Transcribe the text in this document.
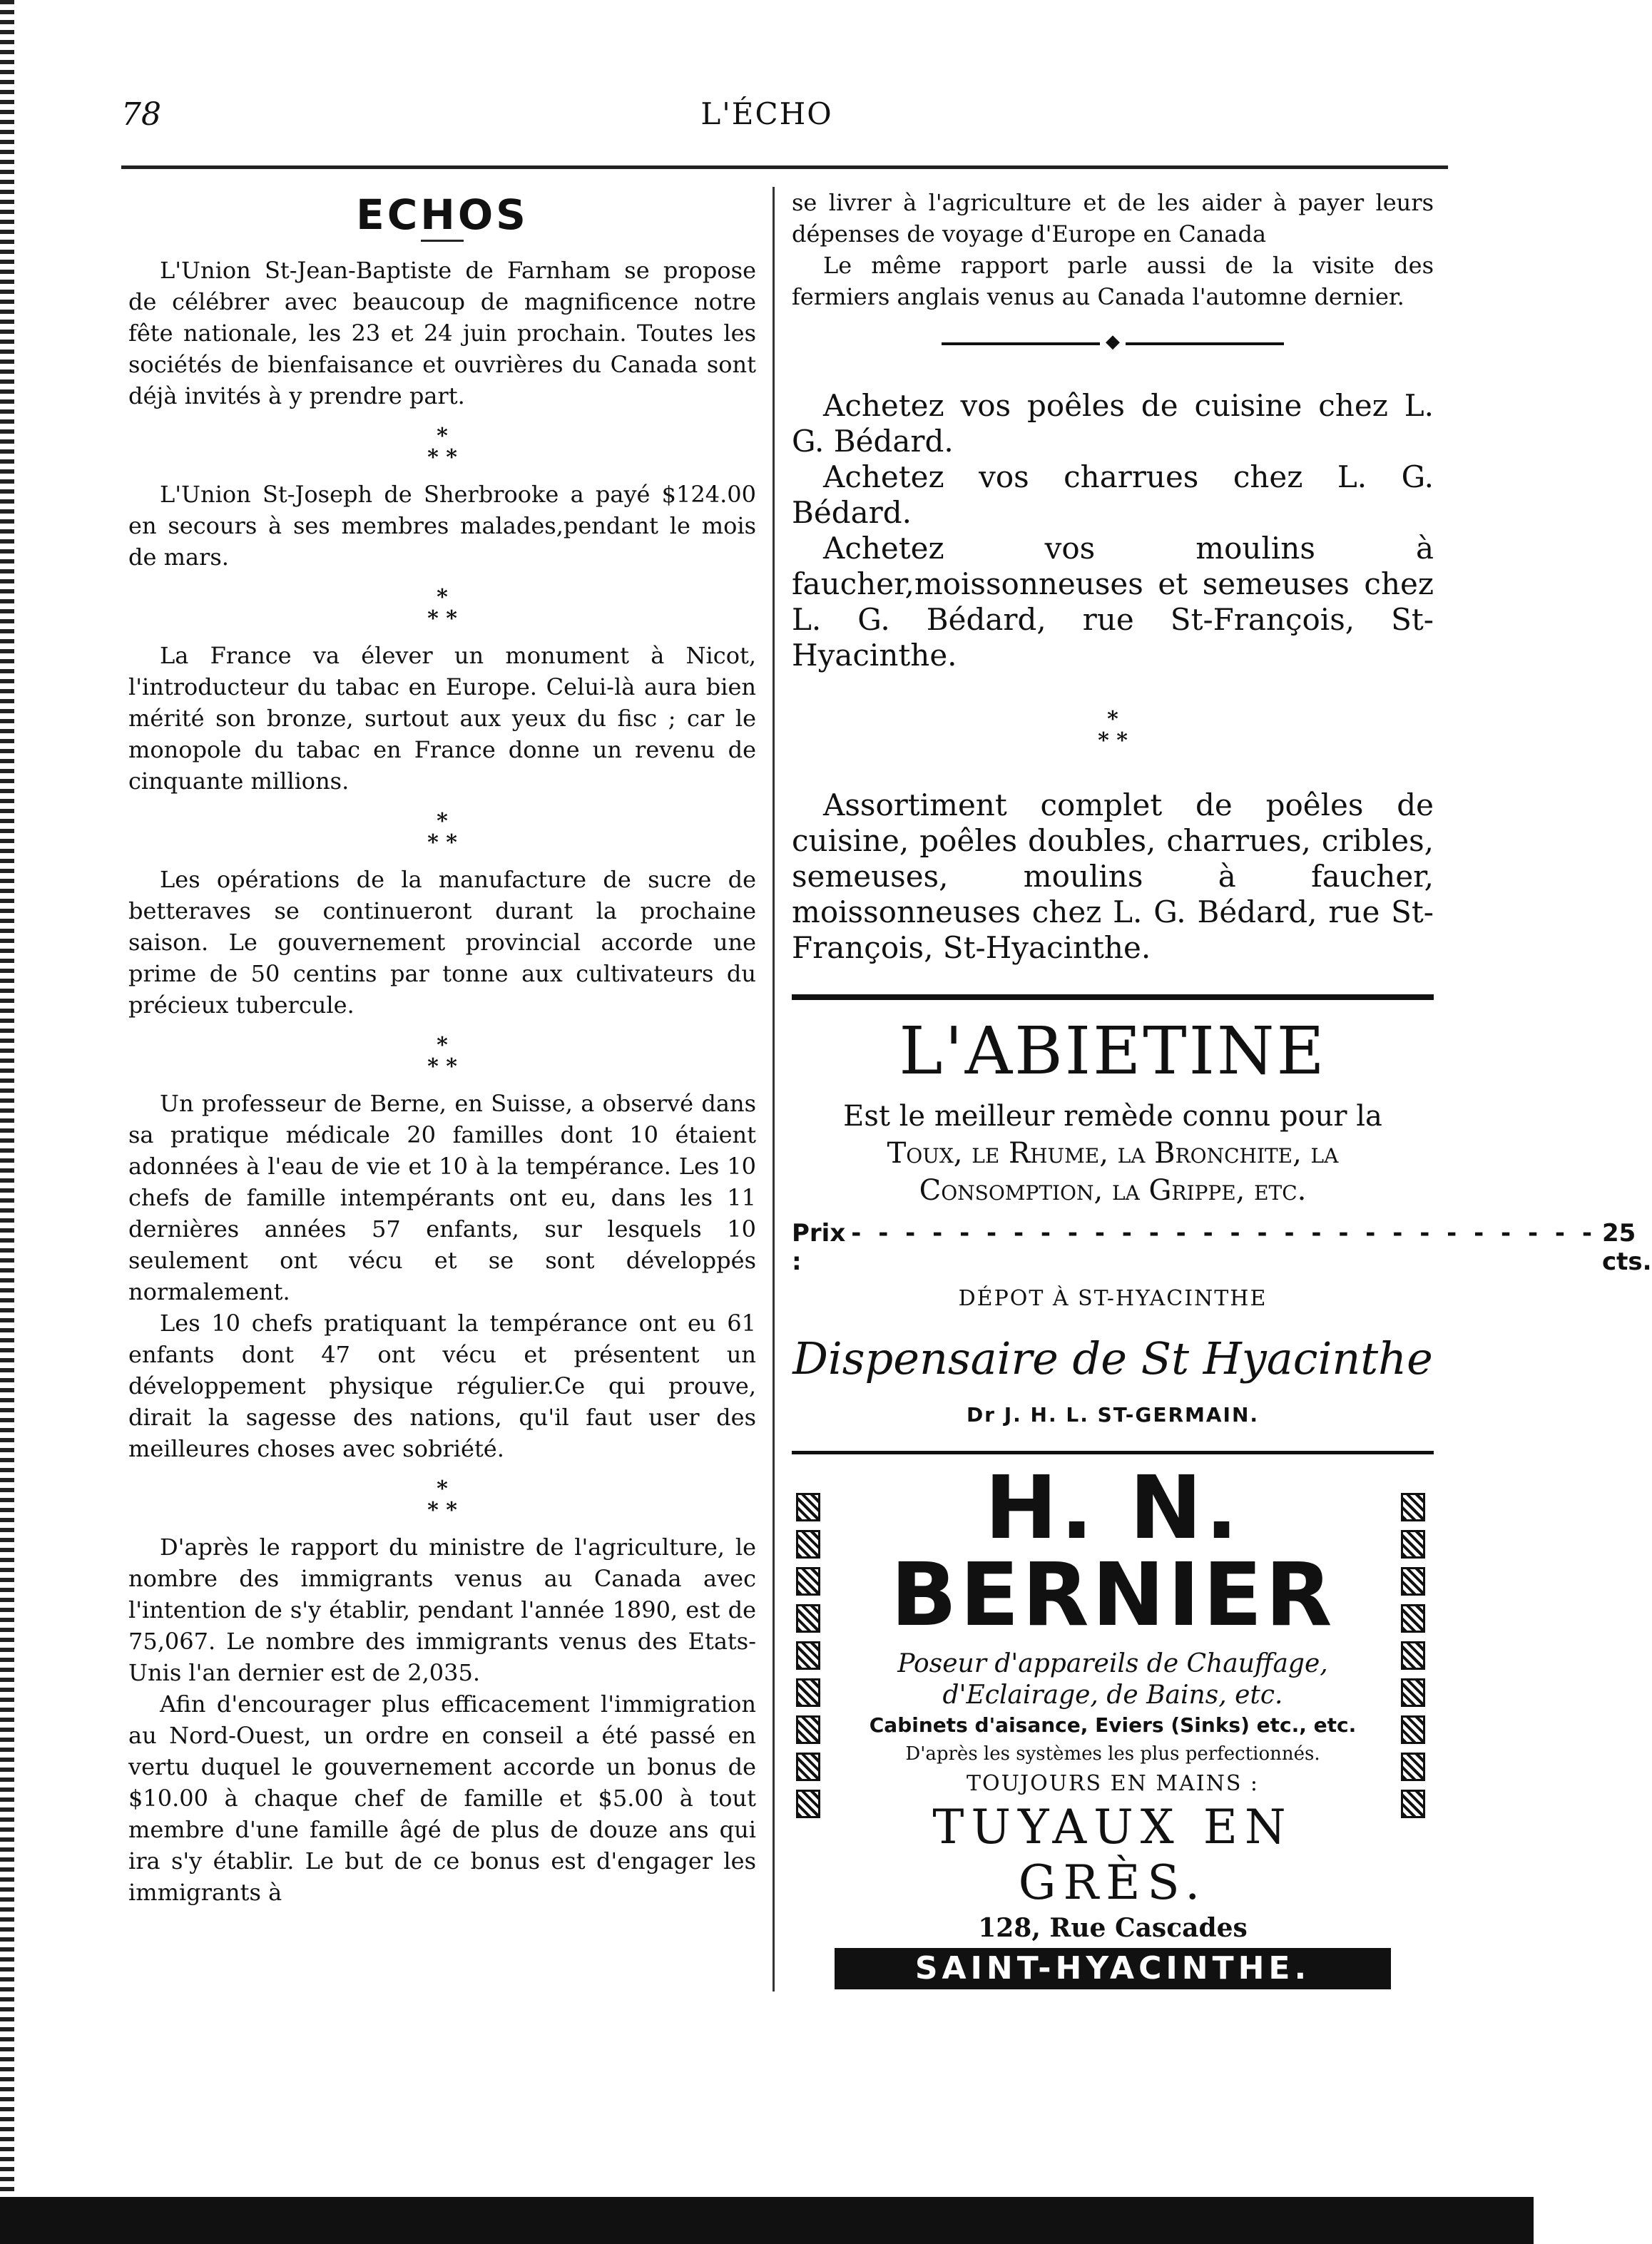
78	L'ÉCHO
ECHOS

L'Union St-Jean-Baptiste de Farnham se propose de célébrer avec beaucoup de magnificence notre fête nationale, les 23 et 24 juin prochain. Toutes les sociétés de bienfaisance et ouvrières du Canada sont déjà invités à y prendre part.

*
* *

L'Union St-Joseph de Sherbrooke a payé $124.00 en secours à ses membres malades,pendant le mois de mars.

*
* *

La France va élever un monument à Nicot, l'introducteur du tabac en Europe. Celui-là aura bien mérité son bronze, surtout aux yeux du fisc ; car le monopole du tabac en France donne un revenu de cinquante millions.

*
* *

Les opérations de la manufacture de sucre de betteraves se continueront durant la prochaine saison. Le gouvernement provincial accorde une prime de 50 centins par tonne aux cultivateurs du précieux tubercule.

*
* *

Un professeur de Berne, en Suisse, a observé dans sa pratique médicale 20 familles dont 10 étaient adonnées à l'eau de vie et 10 à la tempérance. Les 10 chefs de famille intempérants ont eu, dans les 11 dernières années 57 enfants, sur lesquels 10 seulement ont vécu et se sont développés normalement.

Les 10 chefs pratiquant la tempérance ont eu 61 enfants dont 47 ont vécu et présentent un développement physique régulier.Ce qui prouve, dirait la sagesse des nations, qu'il faut user des meilleures choses avec sobriété.

*
* *

D'après le rapport du ministre de l'agriculture, le nombre des immigrants venus au Canada avec l'intention de s'y établir, pendant l'année 1890, est de 75,067. Le nombre des immigrants venus des Etats-Unis l'an dernier est de 2,035.

Afin d'encourager plus efficacement l'immigration au Nord-Ouest, un ordre en conseil a été passé en vertu duquel le gouvernement accorde un bonus de $10.00 à chaque chef de famille et $5.00 à tout membre d'une famille âgé de plus de douze ans qui ira s'y établir. Le but de ce bonus est d'engager les immigrants à

se livrer à l'agriculture et de les aider à payer leurs dépenses de voyage d'Europe en Canada

Le même rapport parle aussi de la visite des fermiers anglais venus au Canada l'automne dernier.

◆

Achetez vos poêles de cuisine chez L. G. Bédard.

Achetez vos charrues chez L. G. Bédard.

Achetez vos moulins à faucher,moissonneuses et semeuses chez L. G. Bédard, rue St-François, St-Hyacinthe.

*
* *

Assortiment complet de poêles de cuisine, poêles doubles, charrues, cribles, semeuses, moulins à faucher, moissonneuses chez L. G. Bédard, rue St-François, St-Hyacinthe.

L'ABIETINE
Est le meilleur remède connu pour la
Toux, le Rhume, la Bronchite, la
Consomption, la Grippe, etc.
Prix :
- - - - - - - - - - - - - - - - - - - - - - - - - - - - 25 cts.
DÉPOT À ST-HYACINTHE
Dispensaire de St Hyacinthe
Dr J. H. L. ST-GERMAIN.
H. N. BERNIER
Poseur d'appareils de Chauffage, d'Eclairage, de Bains, etc.
Cabinets d'aisance, Eviers (Sinks) etc., etc.
D'après les systèmes les plus perfectionnés.
TOUJOURS EN MAINS :
TUYAUX EN GRÈS.
128, Rue Cascades
SAINT-HYACINTHE.
